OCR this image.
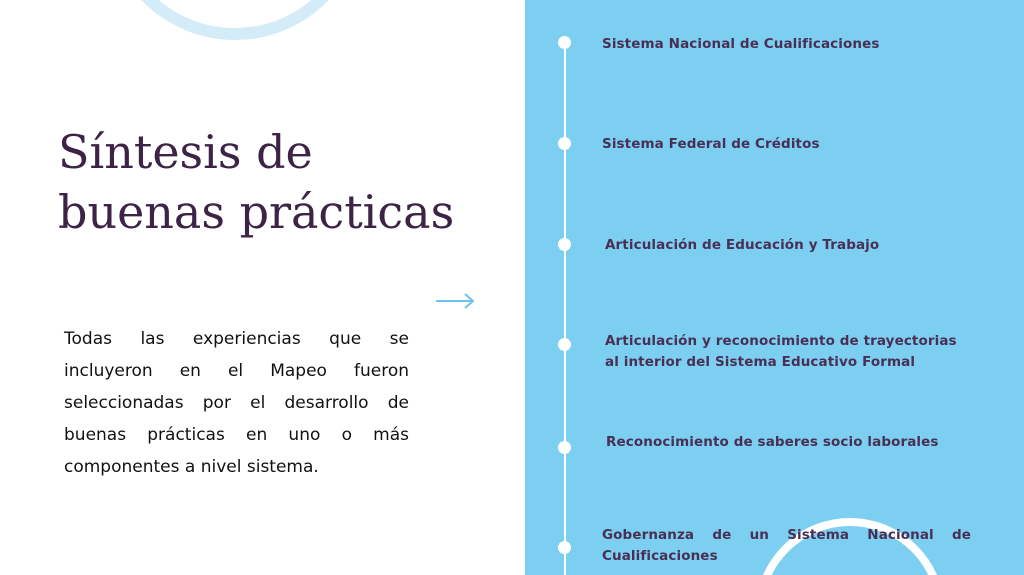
Síntesis de
buenas prácticas

Todas las experiencias que se incluyeron en el Mapeo fueron seleccionadas por el desarrollo de buenas prácticas en uno o más componentes a nivel sistema.

Sistema Nacional de Cualificaciones
Sistema Federal de Créditos
Articulación de Educación y Trabajo
Articulación y reconocimiento de trayectorias al interior del Sistema Educativo Formal
Reconocimiento de saberes socio laborales
Gobernanza de un Sistema Nacional de Cualificaciones
